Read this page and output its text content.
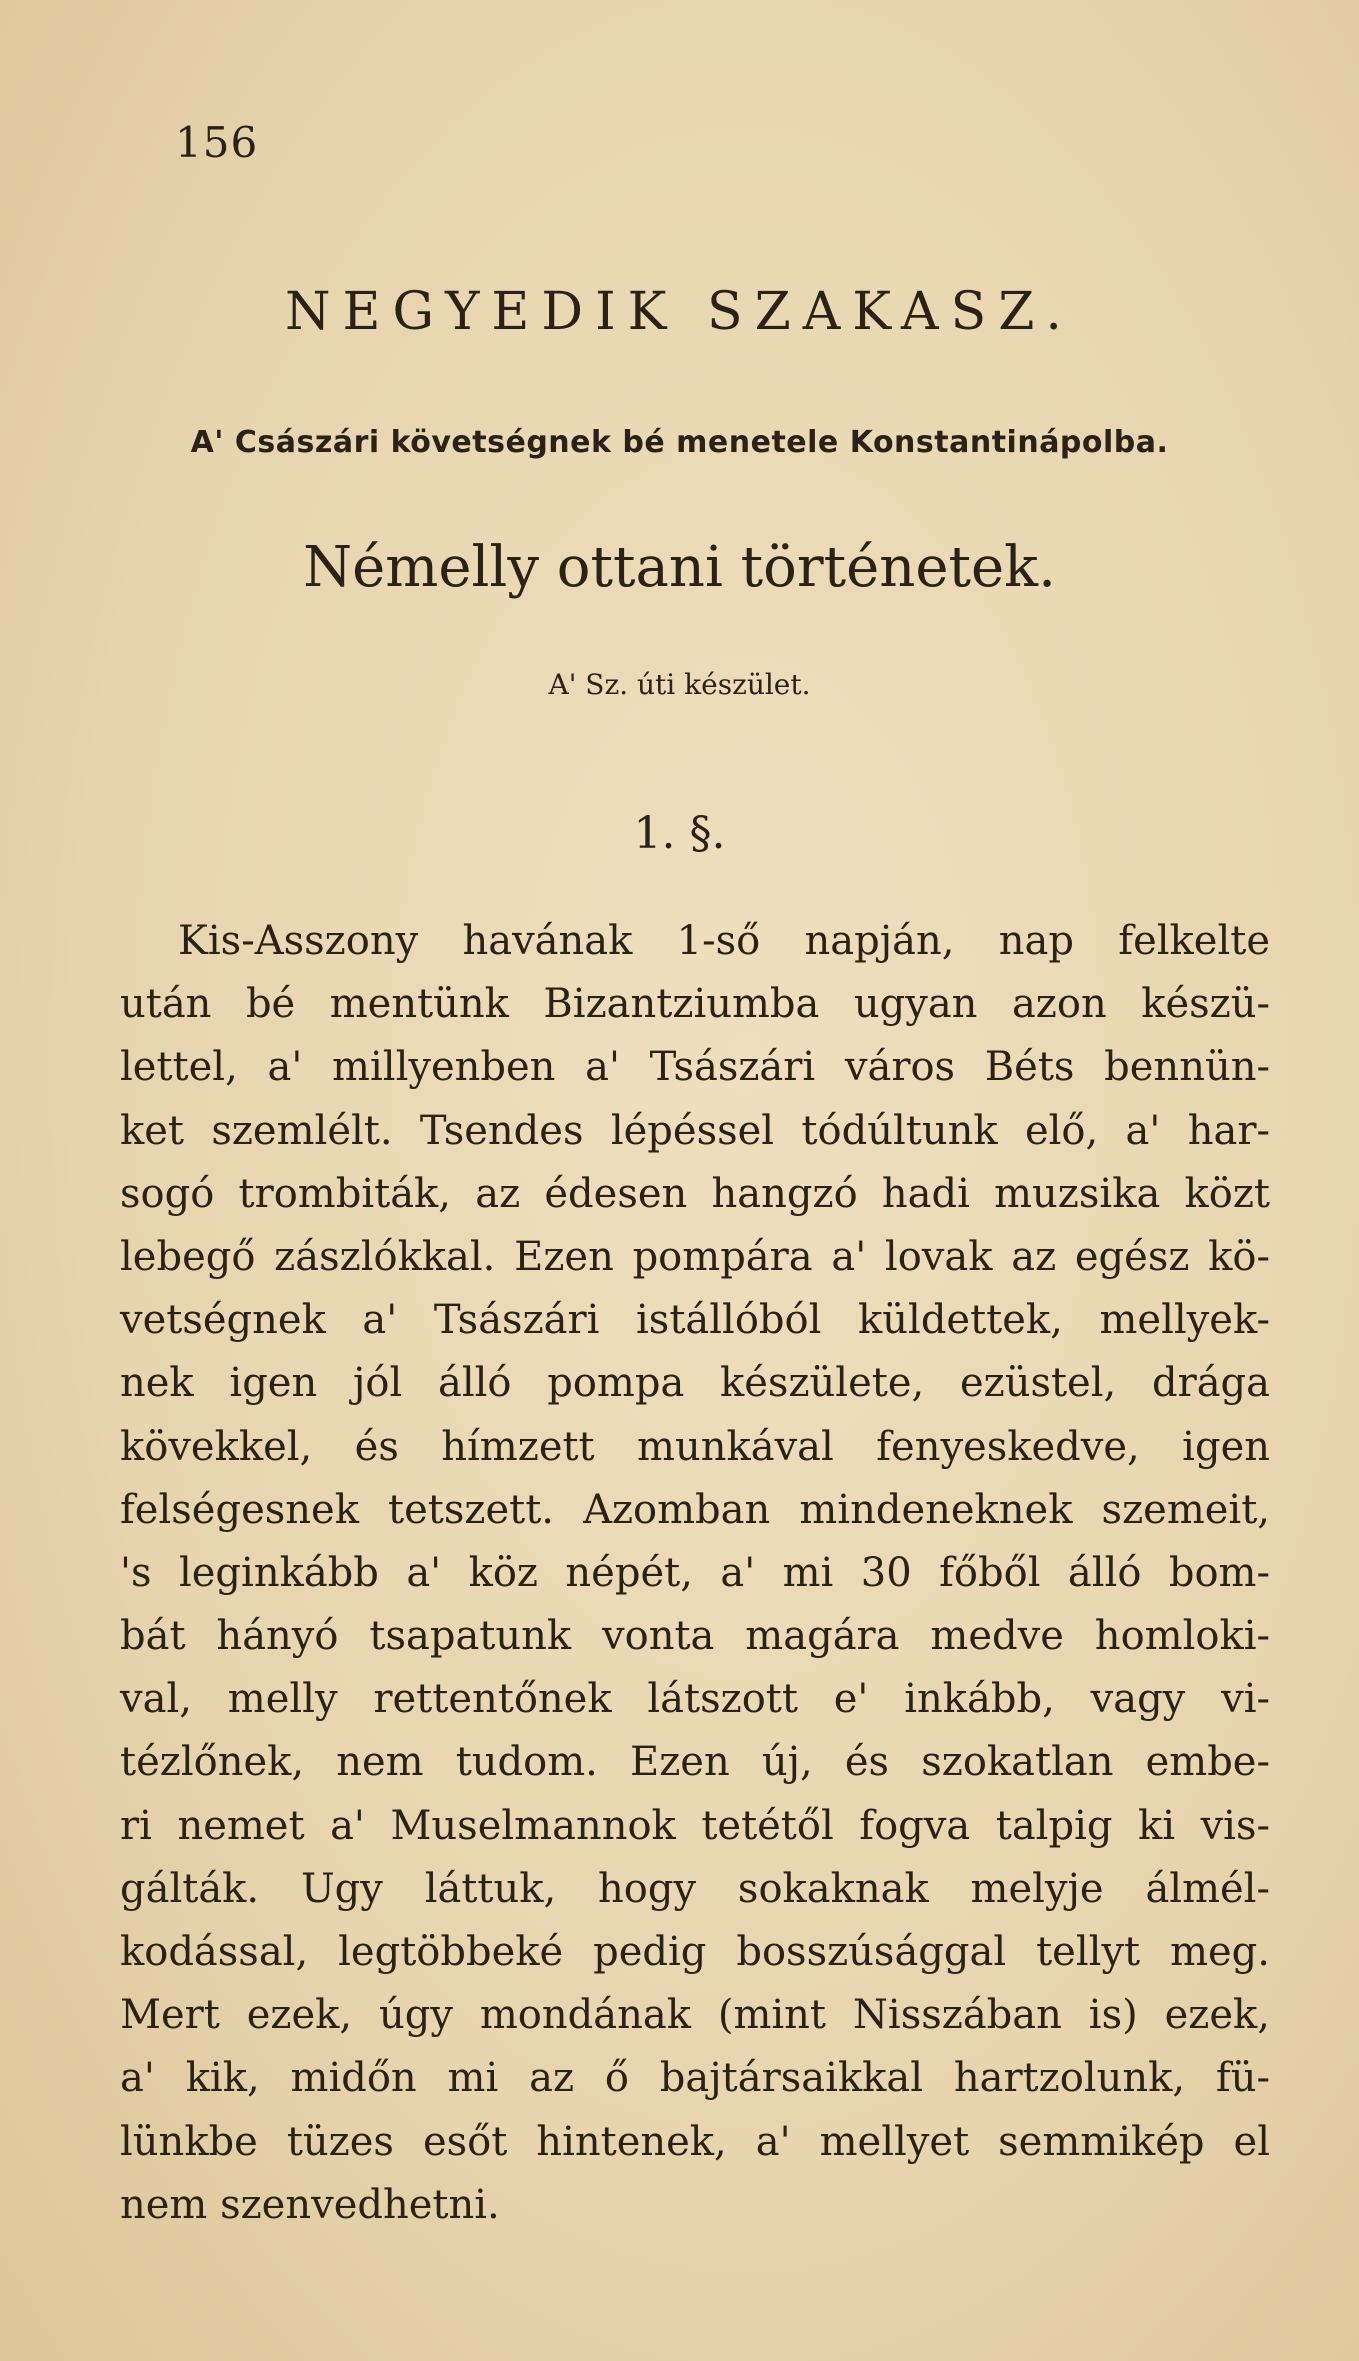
156
NEGYEDIK SZAKASZ.
A' Császári követségnek bé menetele Konstantinápolba.
Némelly ottani történetek.
A' Sz. úti készület.
1. §.
Kis-Asszony havának 1-ső napján, nap felkelte
után bé mentünk Bizantziumba ugyan azon készü-
lettel, a' millyenben a' Tsászári város Béts bennün-
ket szemlélt. Tsendes lépéssel tódúltunk elő, a' har-
sogó trombiták, az édesen hangzó hadi muzsika közt
lebegő zászlókkal. Ezen pompára a' lovak az egész kö-
vetségnek a' Tsászári istállóból küldettek, mellyek-
nek igen jól álló pompa készülete, ezüstel, drága
kövekkel, és hímzett munkával fenyeskedve, igen
felségesnek tetszett. Azomban mindeneknek szemeit,
's leginkább a' köz népét, a' mi 30 főből álló bom-
bát hányó tsapatunk vonta magára medve homloki-
val, melly rettentőnek látszott e' inkább, vagy vi-
tézlőnek, nem tudom. Ezen új, és szokatlan embe-
ri nemet a' Muselmannok tetétől fogva talpig ki vis-
gálták. Ugy láttuk, hogy sokaknak melyje álmél-
kodással, legtöbbeké pedig bosszúsággal tellyt meg.
Mert ezek, úgy mondának (mint Nisszában is) ezek,
a' kik, midőn mi az ő bajtársaikkal hartzolunk, fü-
lünkbe tüzes esőt hintenek, a' mellyet semmikép el
nem szenvedhetni.
